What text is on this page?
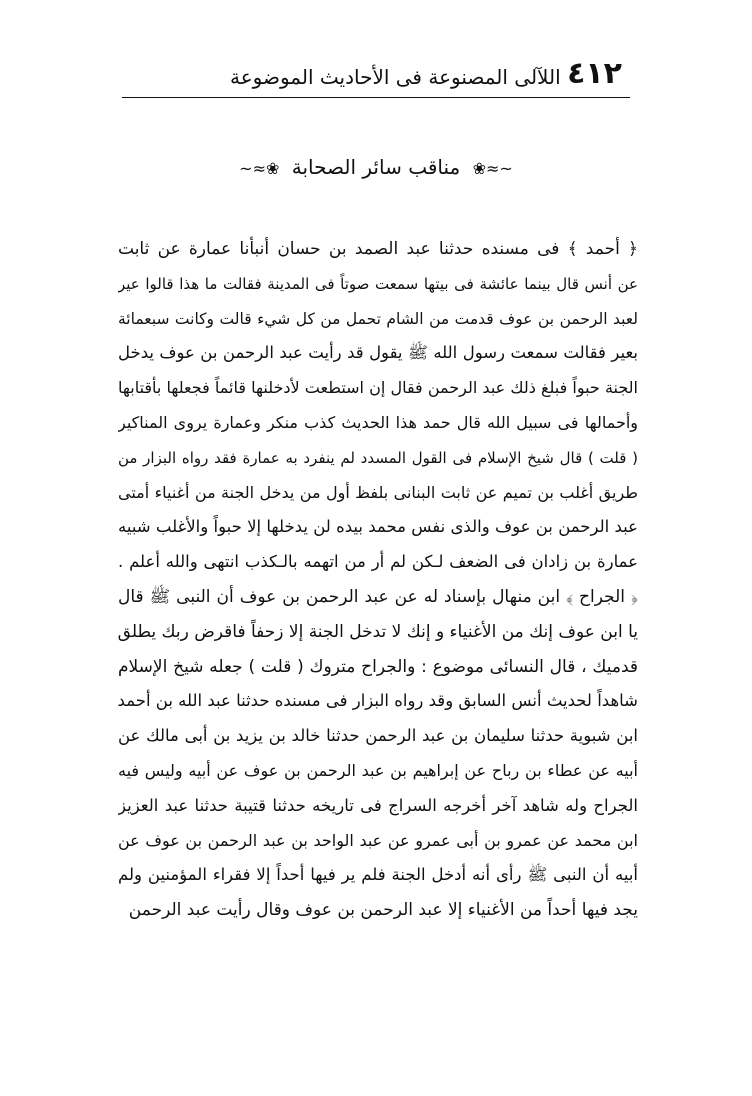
٤١٢
اللآلى المصنوعة فى الأحاديث الموضوعة
~≈❀ مناقب سائر الصحابة ❀≈~
﴿ أحمد ﴾ فى مسنده حدثنا عبد الصمد بن حسان أنبأنا عمارة عن ثابت
عن أنس قال بينما عائشة فى بيتها سمعت صوتاً فى المدينة فقالت ما هذا قالوا عير
لعبد الرحمن بن عوف قدمت من الشام تحمل من كل شيء قالت وكانت سبعمائة
بعير فقالت سمعت رسول الله ﷺ يقول قد رأيت عبد الرحمن بن عوف يدخل
الجنة حبواً فبلغ ذلك عبد الرحمن فقال إن استطعت لأدخلنها قائماً فجعلها بأقتابها
وأحمالها فى سبيل الله قال حمد هذا الحديث كذب منكر وعمارة يروى المناكير
( قلت ) قال شيخ الإسلام فى القول المسدد لم ينفرد به عمارة فقد رواه البزار من
طريق أغلب بن تميم عن ثابت البنانى بلفظ أول من يدخل الجنة من أغنياء أمتى
عبد الرحمن بن عوف والذى نفس محمد بيده لن يدخلها إلا حبواً والأغلب شبيه
عمارة بن زادان فى الضعف لـكن لم أر من اتهمه بالـكذب انتهى والله أعلم .
﴿ الجراح ﴾ ابن منهال بإسناد له عن عبد الرحمن بن عوف أن النبى ﷺ قال
يا ابن عوف إنك من الأغنياء و إنك لا تدخل الجنة إلا زحفاً فاقرض ربك يطلق
قدميك ، قال النسائى موضوع : والجراح متروك ( قلت ) جعله شيخ الإسلام
شاهداً لحديث أنس السابق وقد رواه البزار فى مسنده حدثنا عبد الله بن أحمد
ابن شبوية حدثنا سليمان بن عبد الرحمن حدثنا خالد بن يزيد بن أبى مالك عن
أبيه عن عطاء بن رباح عن إبراهيم بن عبد الرحمن بن عوف عن أبيه وليس فيه
الجراح وله شاهد آخر أخرجه السراج فى تاريخه حدثنا قتيبة حدثنا عبد العزيز
ابن محمد عن عمرو بن أبى عمرو عن عبد الواحد بن عبد الرحمن بن عوف عن
أبيه أن النبى ﷺ رأى أنه أدخل الجنة فلم ير فيها أحداً إلا فقراء المؤمنين ولم
يجد فيها أحداً من الأغنياء إلا عبد الرحمن بن عوف وقال رأيت عبد الرحمن
